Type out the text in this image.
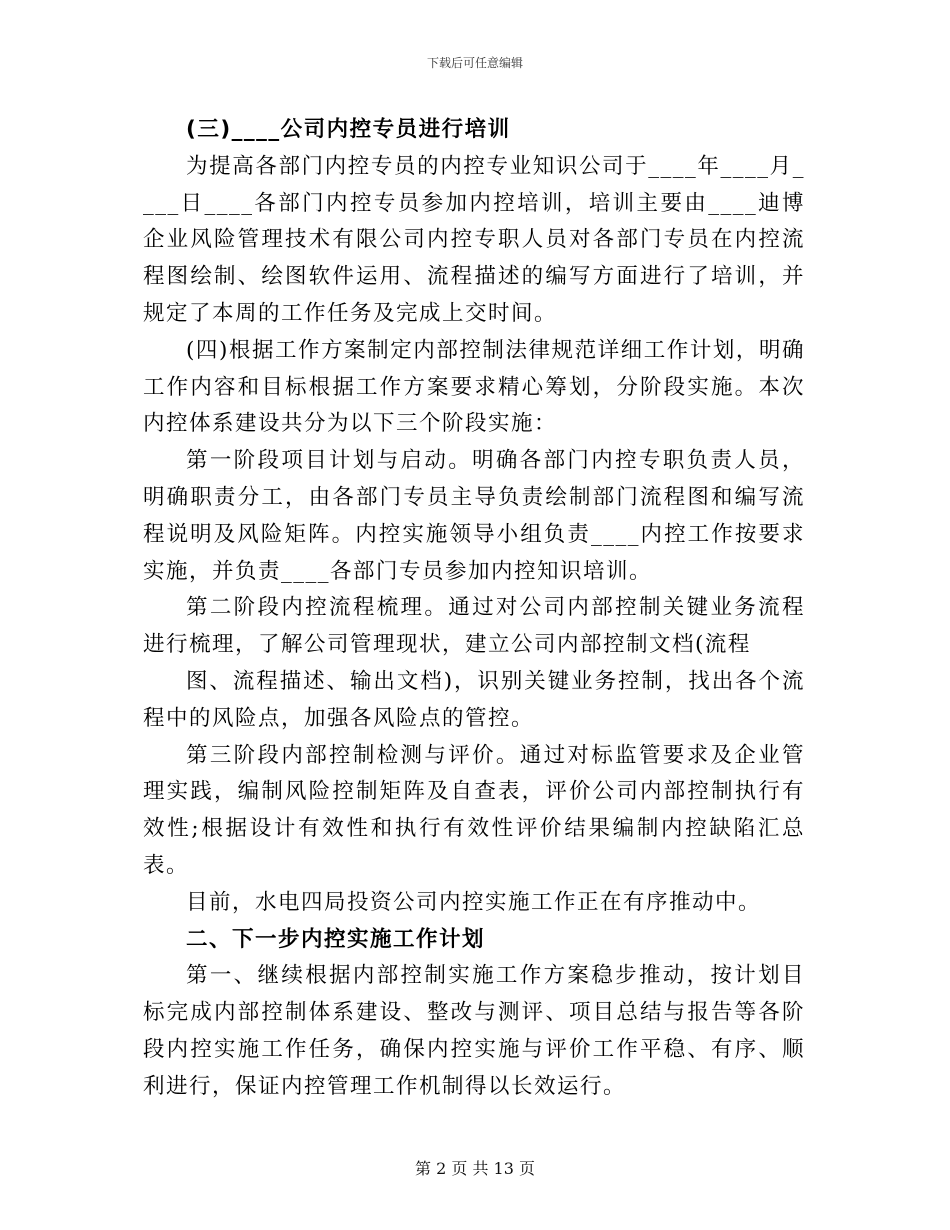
下载后可任意编辑

(三)____公司内控专员进行培训

为提高各部门内控专员的内控专业知识公司于____年____月____日____各部门内控专员参加内控培训，培训主要由____迪博企业风险管理技术有限公司内控专职人员对各部门专员在内控流程图绘制、绘图软件运用、流程描述的编写方面进行了培训，并规定了本周的工作任务及完成上交时间。

(四)根据工作方案制定内部控制法律规范详细工作计划，明确工作内容和目标根据工作方案要求精心筹划，分阶段实施。本次内控体系建设共分为以下三个阶段实施：

第一阶段项目计划与启动。明确各部门内控专职负责人员，明确职责分工，由各部门专员主导负责绘制部门流程图和编写流程说明及风险矩阵。内控实施领导小组负责____内控工作按要求实施，并负责____各部门专员参加内控知识培训。

第二阶段内控流程梳理。通过对公司内部控制关键业务流程进行梳理，了解公司管理现状，建立公司内部控制文档(流程

图、流程描述、输出文档)，识别关键业务控制，找出各个流程中的风险点，加强各风险点的管控。

第三阶段内部控制检测与评价。通过对标监管要求及企业管理实践，编制风险控制矩阵及自查表，评价公司内部控制执行有效性;根据设计有效性和执行有效性评价结果编制内控缺陷汇总表。

目前，水电四局投资公司内控实施工作正在有序推动中。

二、下一步内控实施工作计划

第一、继续根据内部控制实施工作方案稳步推动，按计划目标完成内部控制体系建设、整改与测评、项目总结与报告等各阶段内控实施工作任务，确保内控实施与评价工作平稳、有序、顺利进行，保证内控管理工作机制得以长效运行。

第 2 页 共 13 页
